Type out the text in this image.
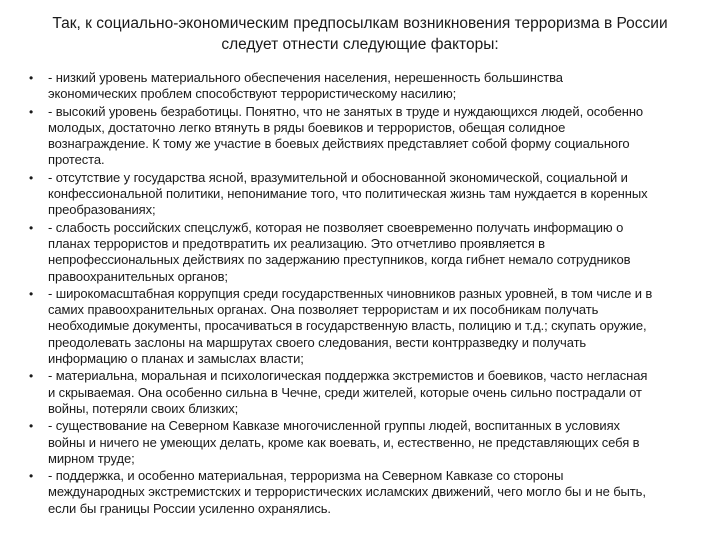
Так, к социально-экономическим предпосылкам возникновения терроризма в России
следует отнести следующие факторы:
• - низкий уровень материального обеспечения населения, нерешенность большинства
экономических проблем способствуют террористическому насилию;
• - высокий уровень безработицы. Понятно, что не занятых в труде и нуждающихся людей, особенно
молодых, достаточно легко втянуть в ряды боевиков и террористов, обещая солидное
вознаграждение. К тому же участие в боевых действиях представляет собой форму социального
протеста.
• - отсутствие у государства ясной, вразумительной и обоснованной экономической, социальной и
конфессиональной политики, непонимание того, что политическая жизнь там нуждается в коренных
преобразованиях;
• - слабость российских спецслужб, которая не позволяет своевременно получать информацию о
планах террористов и предотвратить их реализацию. Это отчетливо проявляется в
непрофессиональных действиях по задержанию преступников, когда гибнет немало сотрудников
правоохранительных органов;
• - широкомасштабная коррупция среди государственных чиновников разных уровней, в том числе и в
самих правоохранительных органах. Она позволяет террористам и их пособникам получать
необходимые документы, просачиваться в государственную власть, полицию и т.д.; скупать оружие,
преодолевать заслоны на маршрутах своего следования, вести контрразведку и получать
информацию о планах и замыслах власти;
• - материальна, моральная и психологическая поддержка экстремистов и боевиков, часто негласная
и скрываемая. Она особенно сильна в Чечне, среди жителей, которые очень сильно пострадали от
войны, потеряли своих близких;
• - существование на Северном Кавказе многочисленной группы людей, воспитанных в условиях
войны и ничего не умеющих делать, кроме как воевать, и, естественно, не представляющих себя в
мирном труде;
• - поддержка, и особенно материальная, терроризма на Северном Кавказе со стороны
международных экстремистских и террористических исламских движений, чего могло бы и не быть,
если бы границы России усиленно охранялись.
